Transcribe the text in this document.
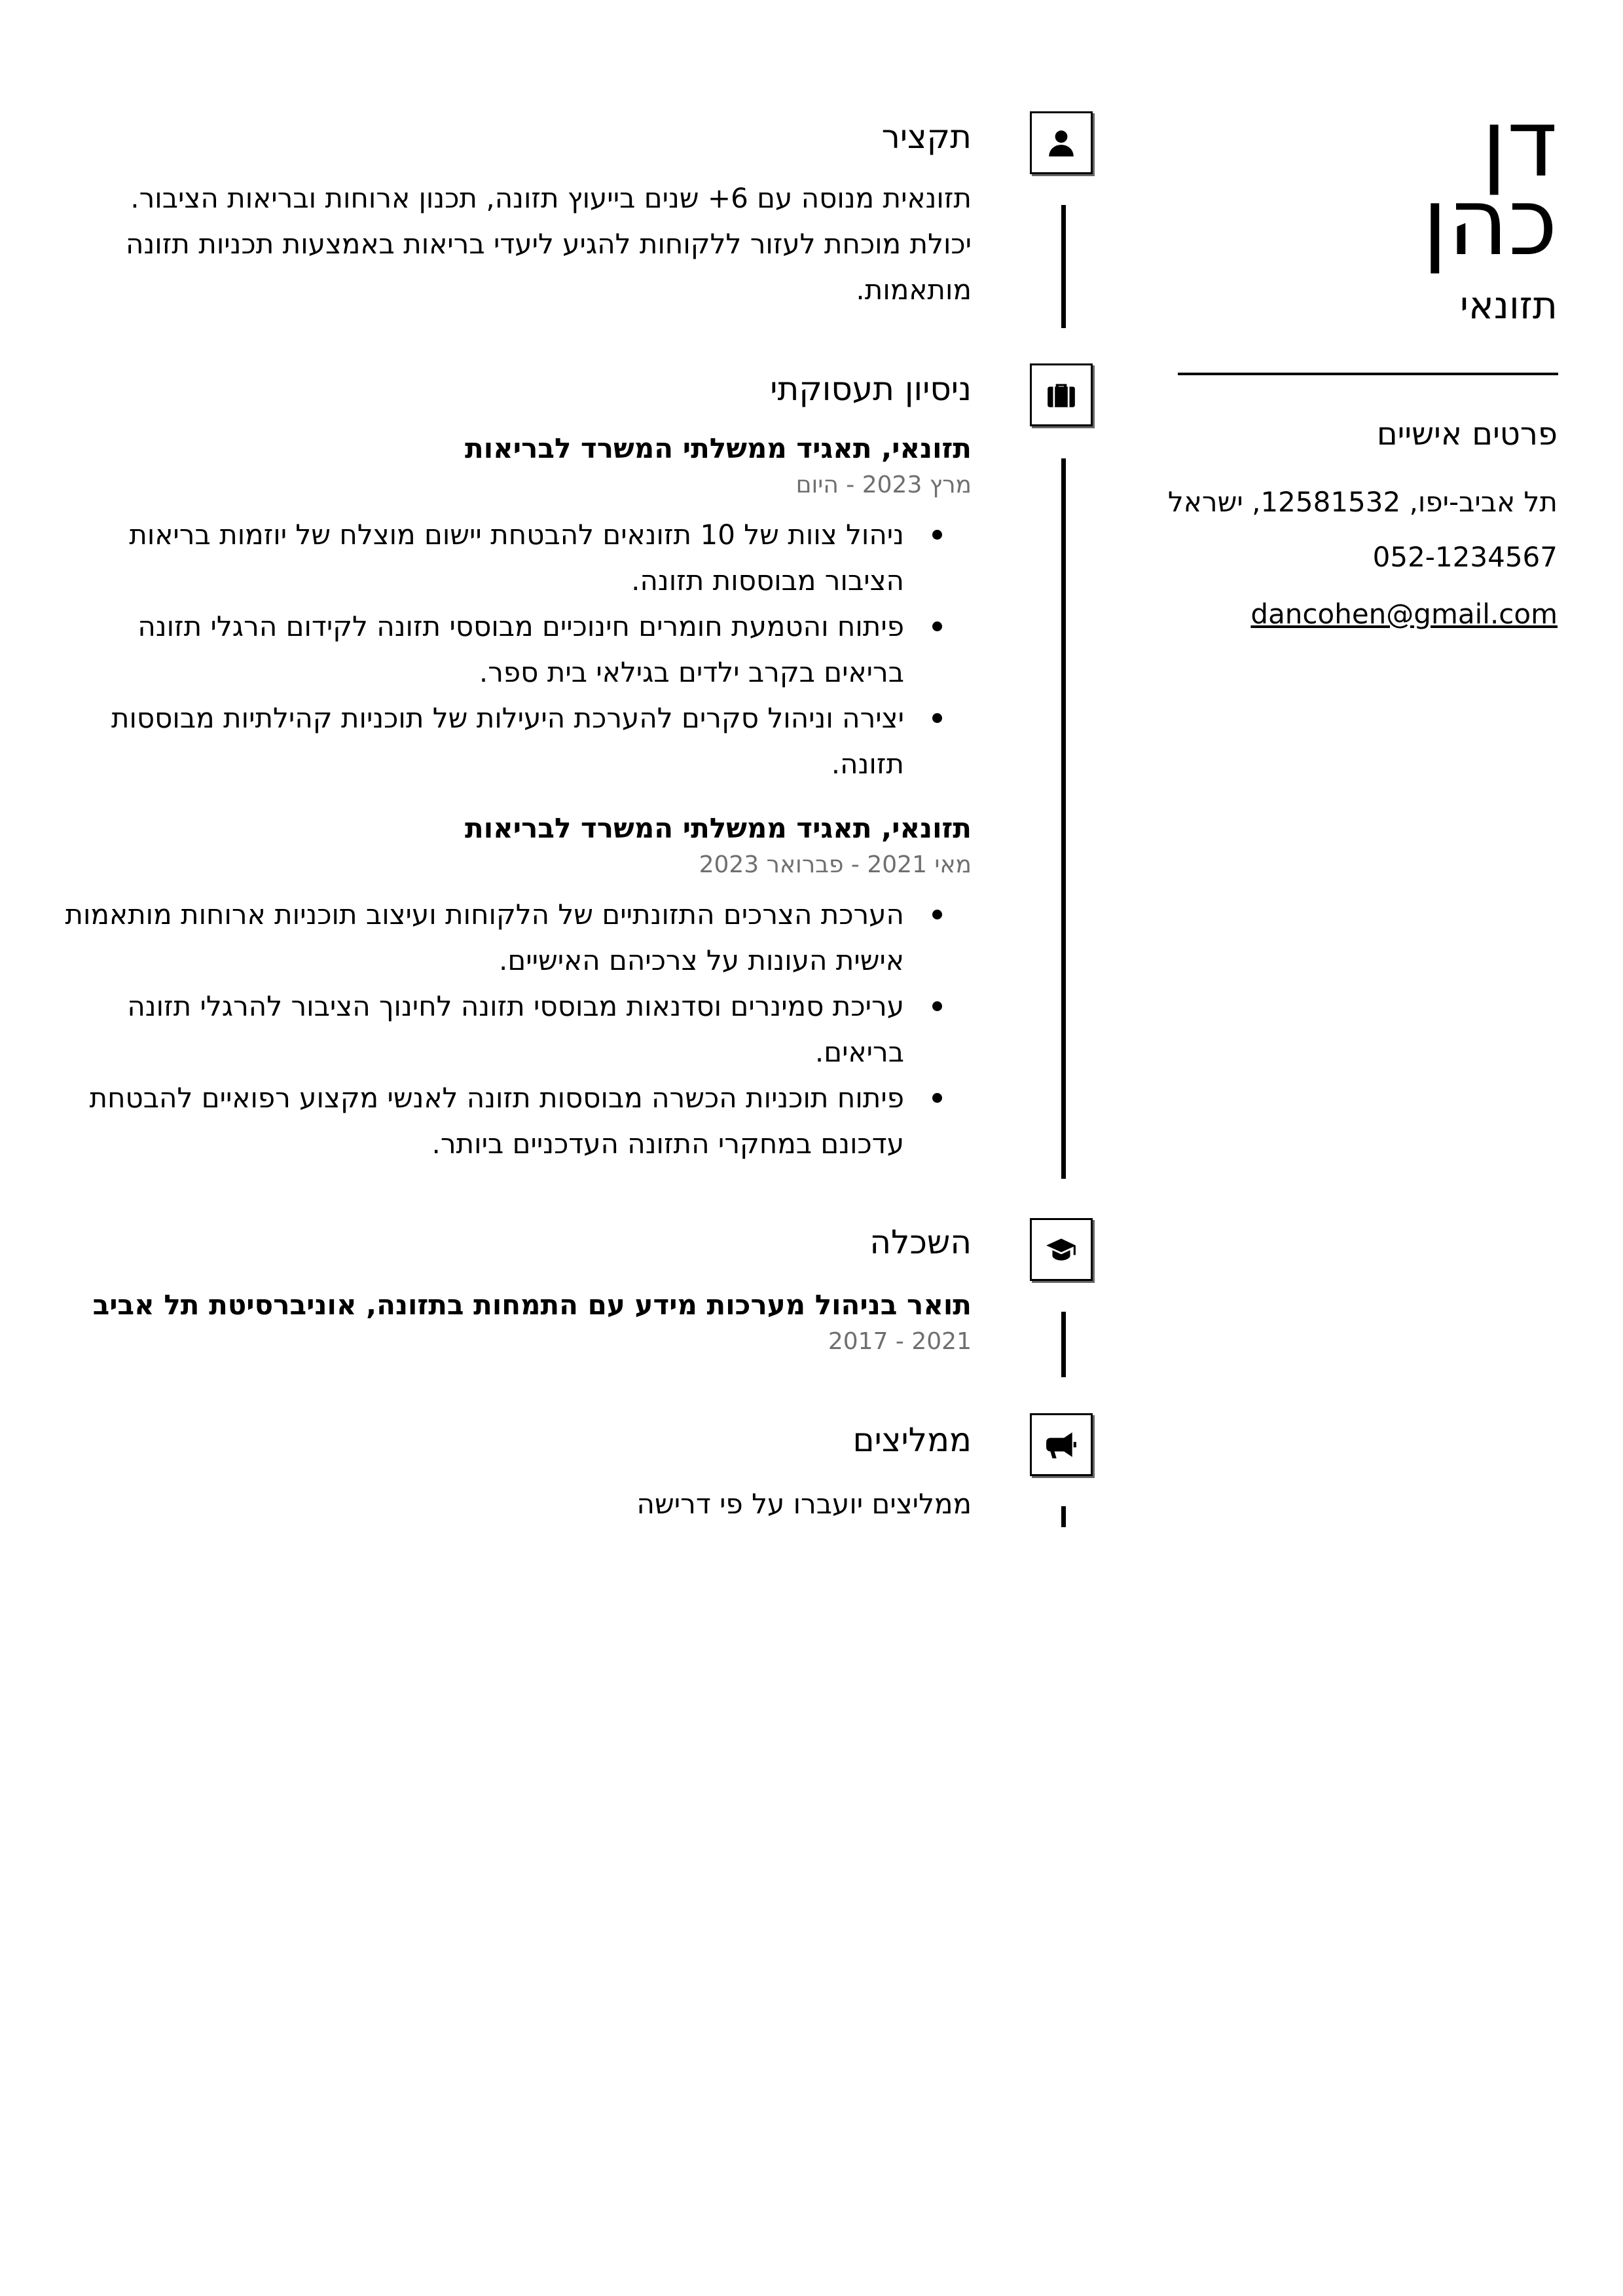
דן
כהן
תזונאי
פרטים אישיים
תל אביב-יפו, 12581532, ישראל
052-1234567
dancohen@gmail.com
תקציר
תזונאית מנוסה עם 6+ שנים בייעוץ תזונה, תכנון ארוחות ובריאות הציבור. יכולת מוכחת לעזור ללקוחות להגיע ליעדי בריאות באמצעות תכניות תזונה מותאמות.
ניסיון תעסוקתי
תזונאי, תאגיד ממשלתי המשרד לבריאות
מרץ 2023 - היום
ניהול צוות של 10 תזונאים להבטחת יישום מוצלח של יוזמות בריאות הציבור מבוססות תזונה.
פיתוח והטמעת חומרים חינוכיים מבוססי תזונה לקידום הרגלי תזונה בריאים בקרב ילדים בגילאי בית ספר.
יצירה וניהול סקרים להערכת היעילות של תוכניות קהילתיות מבוססות תזונה.
תזונאי, תאגיד ממשלתי המשרד לבריאות
מאי 2021 - פברואר 2023
הערכת הצרכים התזונתיים של הלקוחות ועיצוב תוכניות ארוחות מותאמות אישית העונות על צרכיהם האישיים.
עריכת סמינרים וסדנאות מבוססי תזונה לחינוך הציבור להרגלי תזונה בריאים.
פיתוח תוכניות הכשרה מבוססות תזונה לאנשי מקצוע רפואיים להבטחת עדכונם במחקרי התזונה העדכניים ביותר.
השכלה
תואר בניהול מערכות מידע עם התמחות בתזונה, אוניברסיטת תל אביב
2017 - 2021
ממליצים
ממליצים יועברו על פי דרישה
